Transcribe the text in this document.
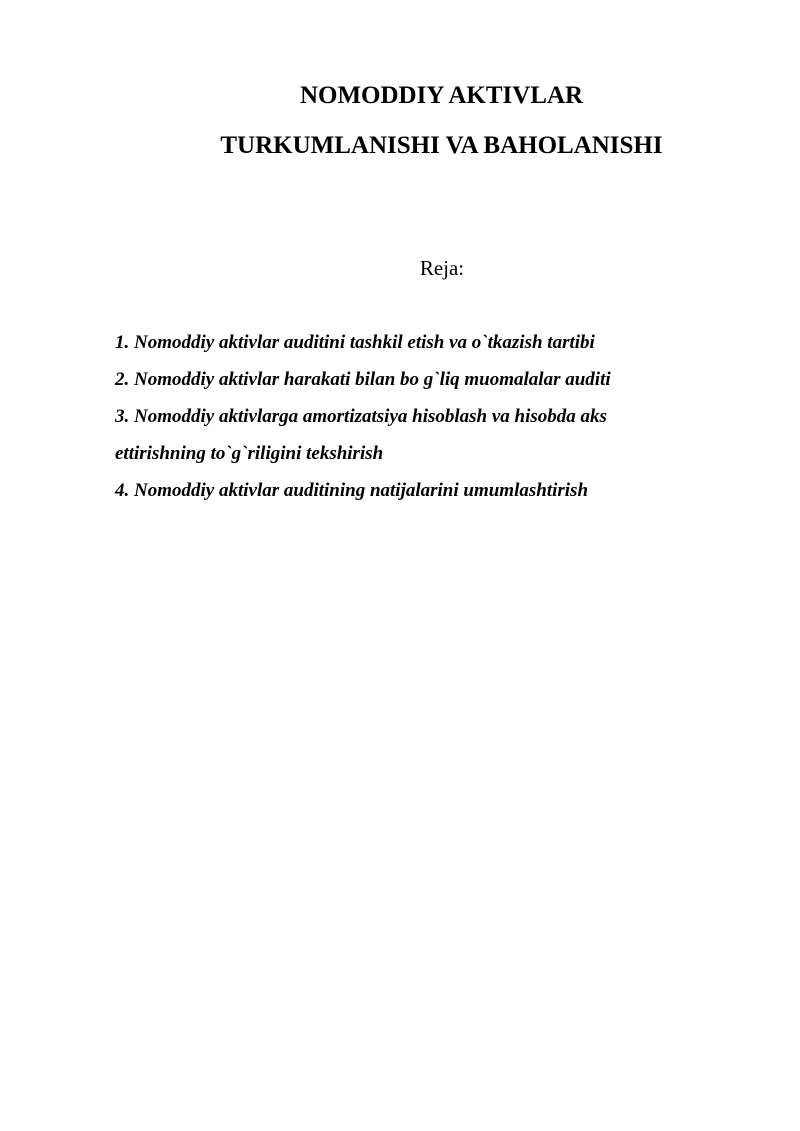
NOMODDIY AKTIVLAR
TURKUMLANISHI VA BAHOLANISHI
Reja:
1. Nomoddiy aktivlar auditini tashkil etish va o`tkazish tartibi
2. Nomoddiy aktivlar harakati bilan bo g`liq muomalalar auditi
3. Nomoddiy aktivlarga amortizatsiya hisoblash va hisobda aks
ettirishning to`g`riligini tekshirish
4. Nomoddiy aktivlar auditining natijalarini umumlashtirish
